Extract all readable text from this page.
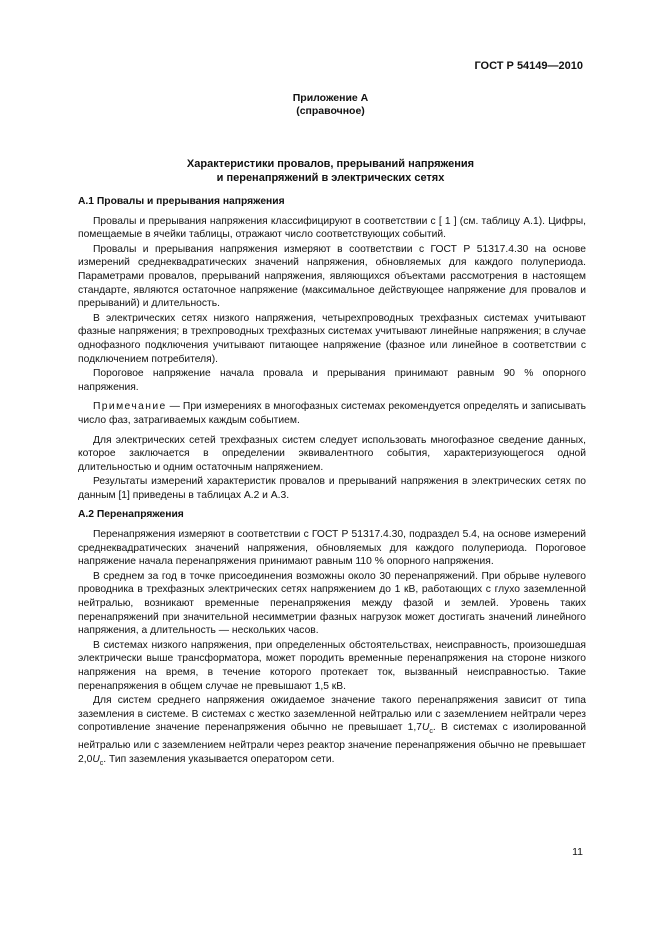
ГОСТ Р 54149—2010
Приложение А
(справочное)
Характеристики провалов, прерываний напряжения
и перенапряжений в электрических сетях
А.1 Провалы и прерывания напряжения

Провалы и прерывания напряжения классифицируют в соответствии с [ 1 ] (см. таблицу А.1). Цифры, помещаемые в ячейки таблицы, отражают число соответствующих событий.

Провалы и прерывания напряжения измеряют в соответствии с ГОСТ Р 51317.4.30 на основе измерений среднеквадратических значений напряжения, обновляемых для каждого полупериода. Параметрами провалов, прерываний напряжения, являющихся объектами рассмотрения в настоящем стандарте, являются остаточное напряжение (максимальное действующее напряжение для провалов и прерываний) и длительность.

В электрических сетях низкого напряжения, четырехпроводных трехфазных системах учитывают фазные напряжения; в трехпроводных трехфазных системах учитывают линейные напряжения; в случае однофазного подключения учитывают питающее напряжение (фазное или линейное в соответствии с подключением потребителя).

Пороговое напряжение начала провала и прерывания принимают равным 90 % опорного напряжения.

Примечание — При измерениях в многофазных системах рекомендуется определять и записывать число фаз, затрагиваемых каждым событием.

Для электрических сетей трехфазных систем следует использовать многофазное сведение данных, которое заключается в определении эквивалентного события, характеризующегося одной длительностью и одним остаточным напряжением.

Результаты измерений характеристик провалов и прерываний напряжения в электрических сетях по данным [1] приведены в таблицах А.2 и А.3.

А.2 Перенапряжения

Перенапряжения измеряют в соответствии с ГОСТ Р 51317.4.30, подраздел 5.4, на основе измерений среднеквадратических значений напряжения, обновляемых для каждого полупериода. Пороговое напряжение начала перенапряжения принимают равным 110 % опорного напряжения.

В среднем за год в точке присоединения возможны около 30 перенапряжений. При обрыве нулевого проводника в трехфазных электрических сетях напряжением до 1 кВ, работающих с глухо заземленной нейтралью, возникают временные перенапряжения между фазой и землей. Уровень таких перенапряжений при значительной несимметрии фазных нагрузок может достигать значений линейного напряжения, а длительность — нескольких часов.

В системах низкого напряжения, при определенных обстоятельствах, неисправность, произошедшая электрически выше трансформатора, может породить временные перенапряжения на стороне низкого напряжения на время, в течение которого протекает ток, вызванный неисправностью. Такие перенапряжения в общем случае не превышают 1,5 кВ.

Для систем среднего напряжения ожидаемое значение такого перенапряжения зависит от типа заземления в системе. В системах с жестко заземленной нейтралью или с заземлением нейтрали через сопротивление значение перенапряжения обычно не превышает $1,7U_c$. В системах с изолированной нейтралью или с заземлением нейтрали через реактор значение перенапряжения обычно не превышает $2,0U_c$. Тип заземления указывается оператором сети.

11
